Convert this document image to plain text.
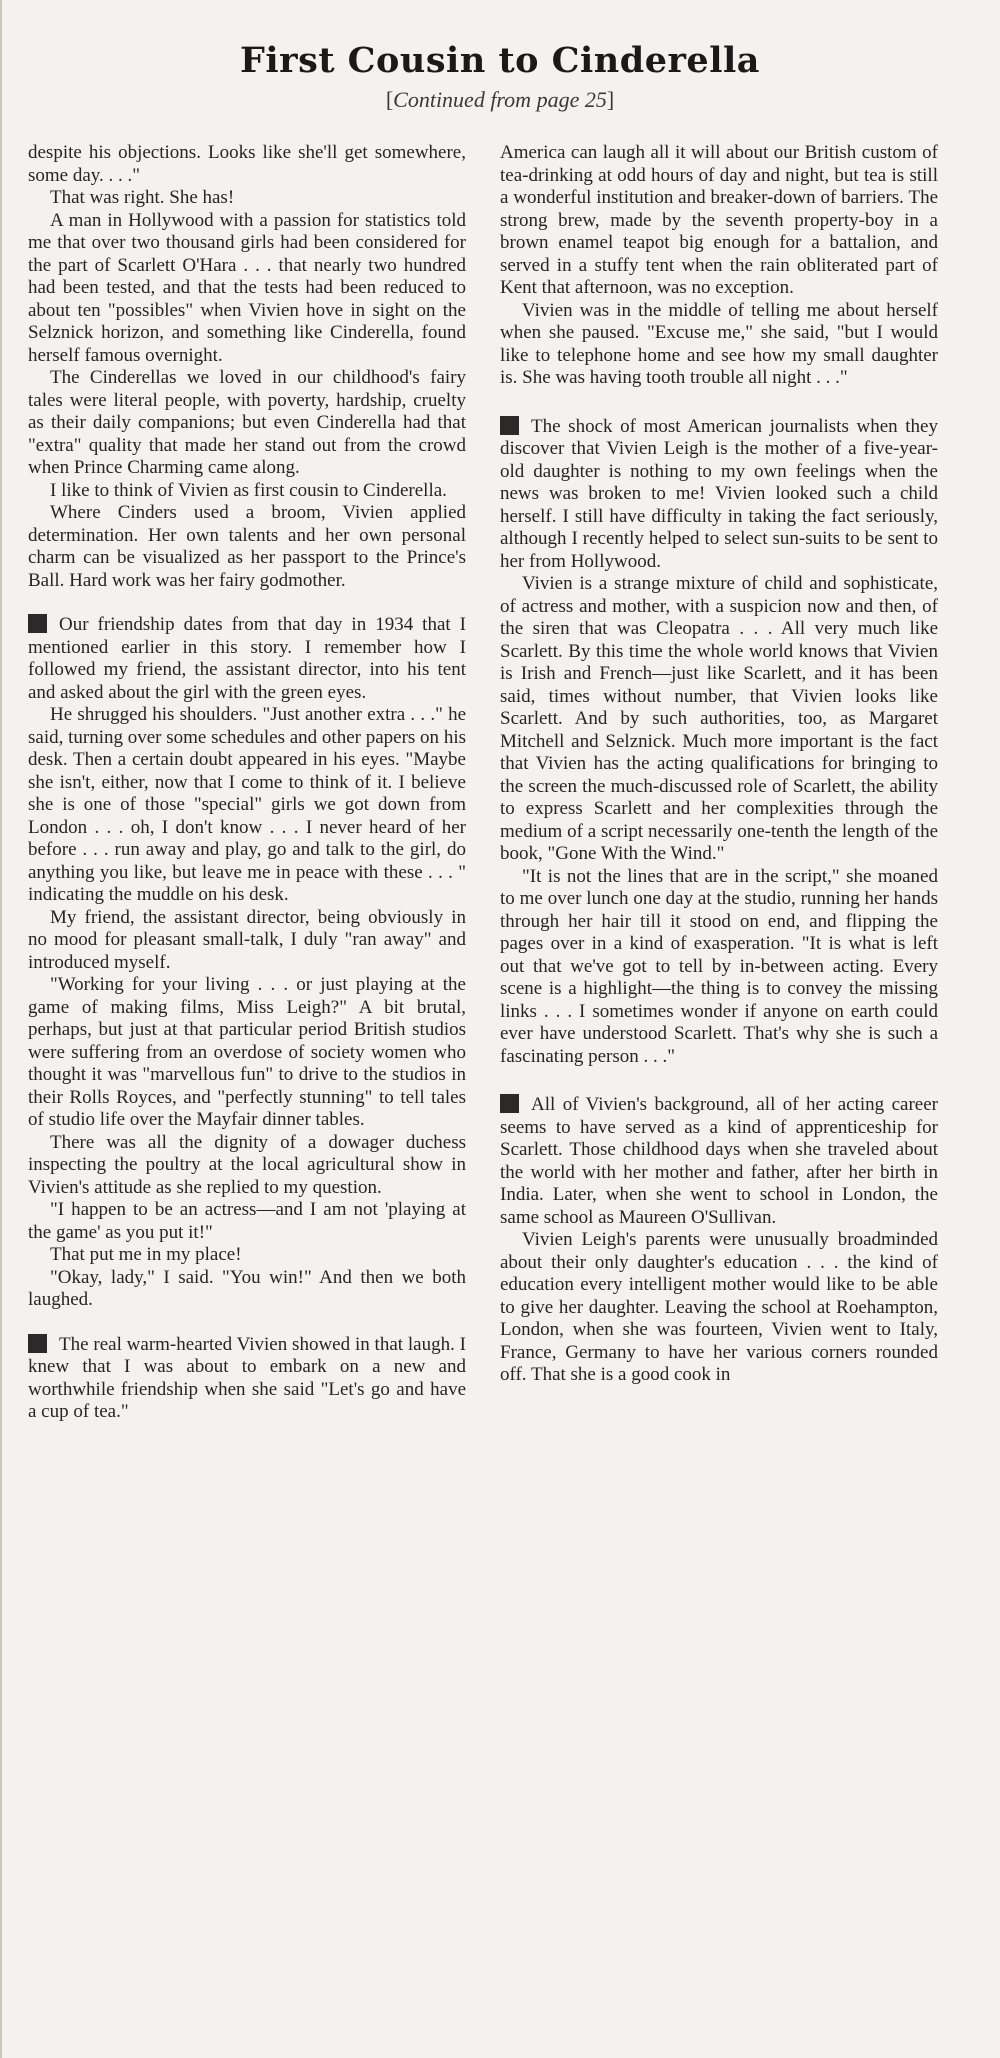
First Cousin to Cinderella
[Continued from page 25]

despite his objections. Looks like she'll get somewhere, some day. . . ."

That was right. She has!

A man in Hollywood with a passion for statistics told me that over two thousand girls had been considered for the part of Scarlett O'Hara . . . that nearly two hundred had been tested, and that the tests had been reduced to about ten "possibles" when Vivien hove in sight on the Selznick horizon, and something like Cinderella, found herself famous overnight.

The Cinderellas we loved in our childhood's fairy tales were literal people, with poverty, hardship, cruelty as their daily companions; but even Cinderella had that "extra" quality that made her stand out from the crowd when Prince Charming came along.

I like to think of Vivien as first cousin to Cinderella.

Where Cinders used a broom, Vivien applied determination. Her own talents and her own personal charm can be visualized as her passport to the Prince's Ball. Hard work was her fairy godmother.

Our friendship dates from that day in 1934 that I mentioned earlier in this story. I remember how I followed my friend, the assistant director, into his tent and asked about the girl with the green eyes.

He shrugged his shoulders. "Just another extra . . ." he said, turning over some schedules and other papers on his desk. Then a certain doubt appeared in his eyes. "Maybe she isn't, either, now that I come to think of it. I believe she is one of those "special" girls we got down from London . . . oh, I don't know . . . I never heard of her before . . . run away and play, go and talk to the girl, do anything you like, but leave me in peace with these . . . " indicating the muddle on his desk.

My friend, the assistant director, being obviously in no mood for pleasant small-talk, I duly "ran away" and introduced myself.

"Working for your living . . . or just playing at the game of making films, Miss Leigh?" A bit brutal, perhaps, but just at that particular period British studios were suffering from an overdose of society women who thought it was "marvellous fun" to drive to the studios in their Rolls Royces, and "perfectly stunning" to tell tales of studio life over the Mayfair dinner tables.

There was all the dignity of a dowager duchess inspecting the poultry at the local agricultural show in Vivien's attitude as she replied to my question.

"I happen to be an actress—and I am not 'playing at the game' as you put it!"

That put me in my place!

"Okay, lady," I said. "You win!" And then we both laughed.

The real warm-hearted Vivien showed in that laugh. I knew that I was about to embark on a new and worthwhile friendship when she said "Let's go and have a cup of tea."

America can laugh all it will about our British custom of tea-drinking at odd hours of day and night, but tea is still a wonderful institution and breaker-down of barriers. The strong brew, made by the seventh property-boy in a brown enamel teapot big enough for a battalion, and served in a stuffy tent when the rain obliterated part of Kent that afternoon, was no exception.

Vivien was in the middle of telling me about herself when she paused. "Excuse me," she said, "but I would like to telephone home and see how my small daughter is. She was having tooth trouble all night . . ."

The shock of most American journalists when they discover that Vivien Leigh is the mother of a five-year-old daughter is nothing to my own feelings when the news was broken to me! Vivien looked such a child herself. I still have difficulty in taking the fact seriously, although I recently helped to select sun-suits to be sent to her from Hollywood.

Vivien is a strange mixture of child and sophisticate, of actress and mother, with a suspicion now and then, of the siren that was Cleopatra . . . All very much like Scarlett. By this time the whole world knows that Vivien is Irish and French—just like Scarlett, and it has been said, times without number, that Vivien looks like Scarlett. And by such authorities, too, as Margaret Mitchell and Selznick. Much more important is the fact that Vivien has the acting qualifications for bringing to the screen the much-discussed role of Scarlett, the ability to express Scarlett and her complexities through the medium of a script necessarily one-tenth the length of the book, "Gone With the Wind."

"It is not the lines that are in the script," she moaned to me over lunch one day at the studio, running her hands through her hair till it stood on end, and flipping the pages over in a kind of exasperation. "It is what is left out that we've got to tell by in-between acting. Every scene is a highlight—the thing is to convey the missing links . . . I sometimes wonder if anyone on earth could ever have understood Scarlett. That's why she is such a fascinating person . . ."

All of Vivien's background, all of her acting career seems to have served as a kind of apprenticeship for Scarlett. Those childhood days when she traveled about the world with her mother and father, after her birth in India. Later, when she went to school in London, the same school as Maureen O'Sullivan.

Vivien Leigh's parents were unusually broadminded about their only daughter's education . . . the kind of education every intelligent mother would like to be able to give her daughter. Leaving the school at Roehampton, London, when she was fourteen, Vivien went to Italy, France, Germany to have her various corners rounded off. That she is a good cook in
